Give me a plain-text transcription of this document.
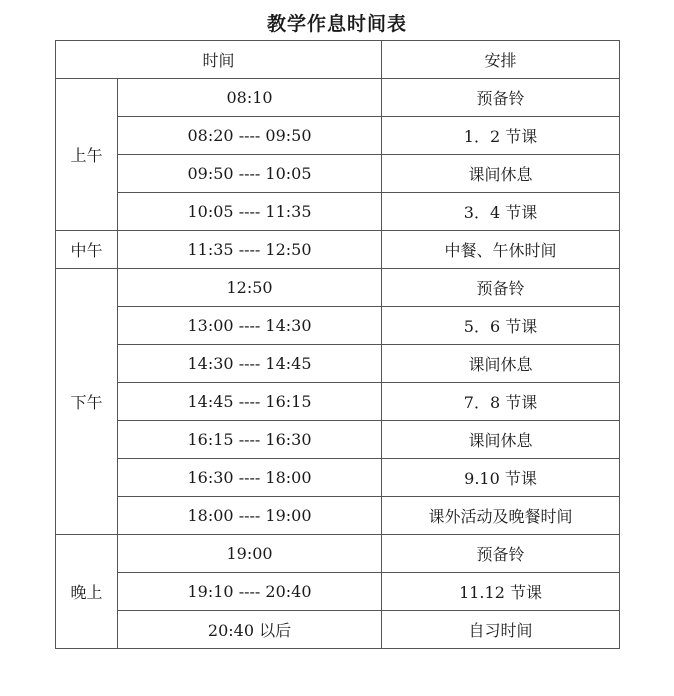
教学作息时间表
时间		安排
上午	08:10	预备铃
	08:20 ---- 09:50	1．2 节课
	09:50 ---- 10:05	课间休息
	10:05 ---- 11:35	3．4 节课
中午	11:35 ---- 12:50	中餐、午休时间
下午	12:50	预备铃
	13:00 ---- 14:30	5．6 节课
	14:30 ---- 14:45	课间休息
	14:45 ---- 16:15	7．8 节课
	16:15 ---- 16:30	课间休息
	16:30 ---- 18:00	9.10 节课
	18:00 ---- 19:00	课外活动及晚餐时间
晚上	19:00	预备铃
	19:10 ---- 20:40	11.12 节课
	20:40 以后	自习时间
